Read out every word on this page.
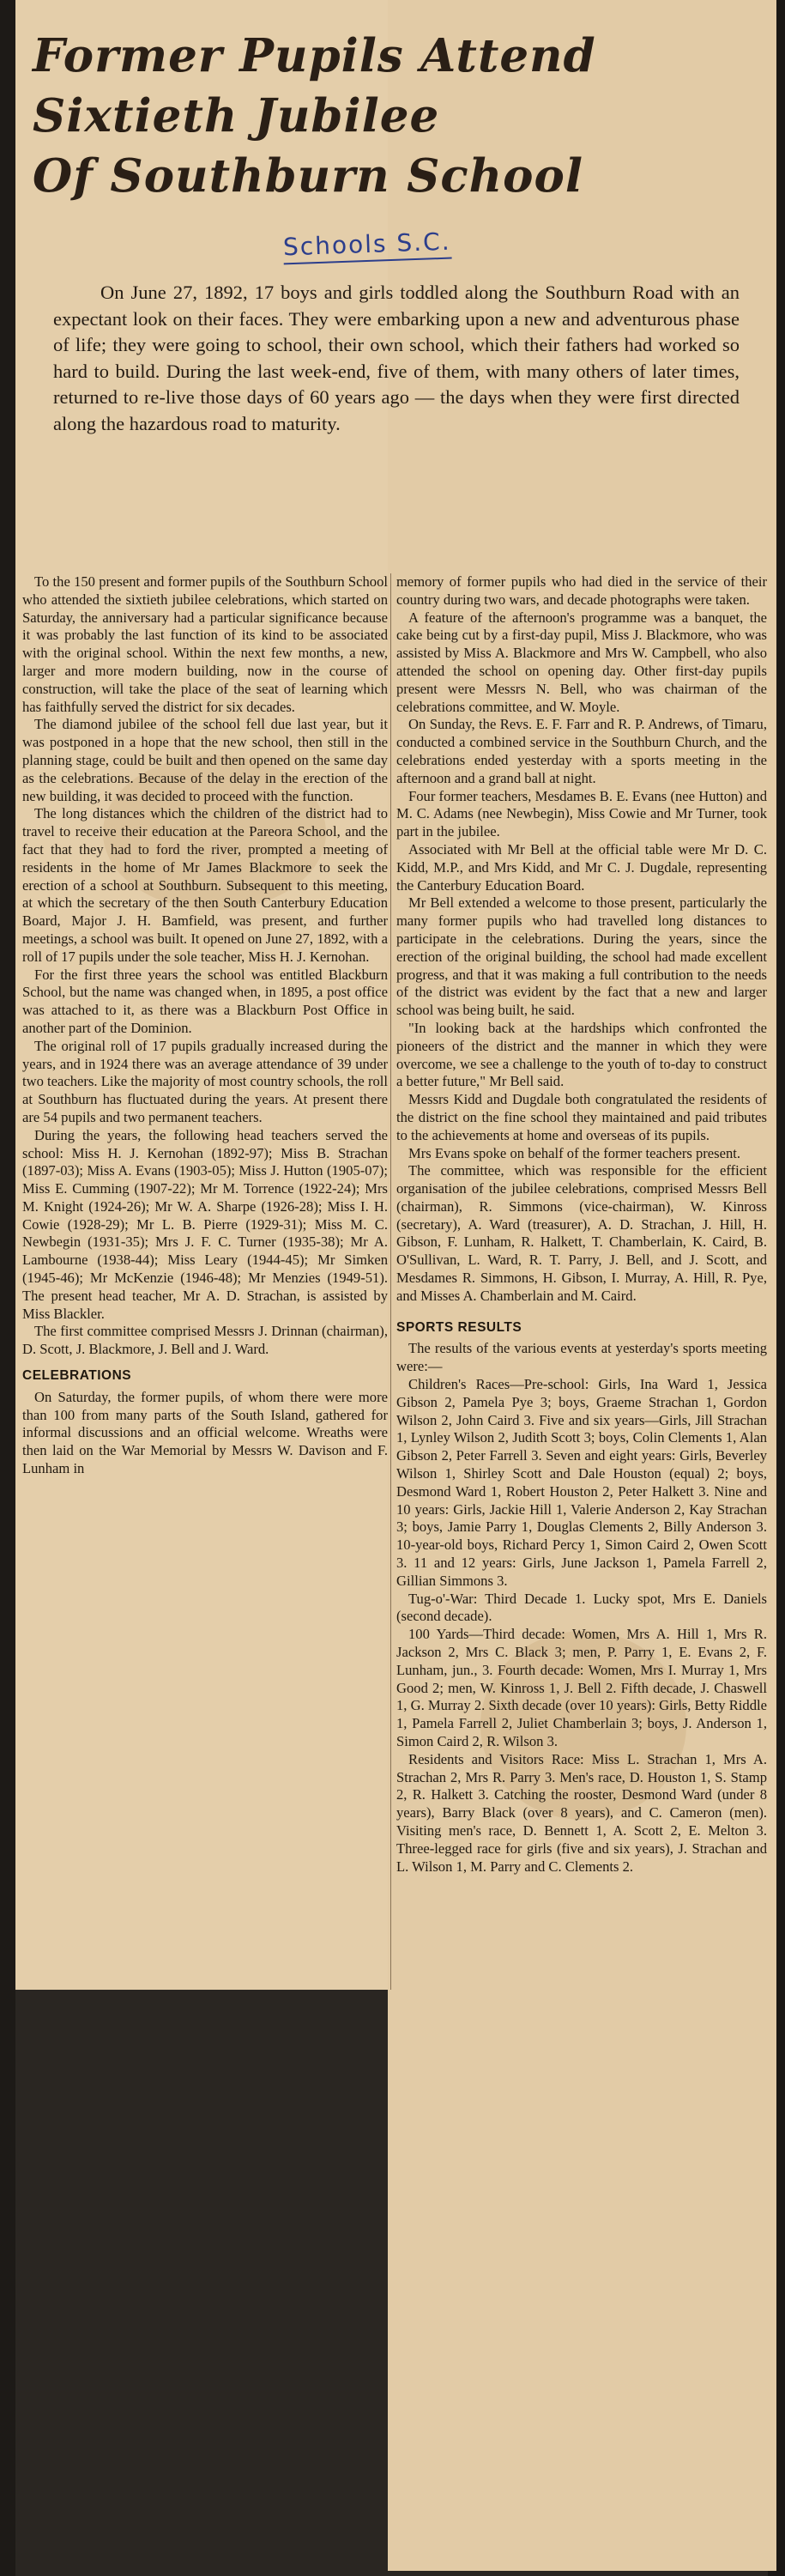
Former Pupils Attend
Sixtieth Jubilee
Of Southburn School
Schools S.C.
On June 27, 1892, 17 boys and girls toddled along the Southburn Road with an expectant look on their faces. They were embarking upon a new and adventurous phase of life; they were going to school, their own school, which their fathers had worked so hard to build. During the last week-end, five of them, with many others of later times, returned to re-live those days of 60 years ago — the days when they were first directed along the hazardous road to maturity.

To the 150 present and former pupils of the Southburn School who attended the sixtieth jubilee celebrations, which started on Saturday, the anniversary had a particular significance because it was probably the last function of its kind to be associated with the original school. Within the next few months, a new, larger and more modern building, now in the course of construction, will take the place of the seat of learning which has faithfully served the district for six decades.

The diamond jubilee of the school fell due last year, but it was postponed in a hope that the new school, then still in the planning stage, could be built and then opened on the same day as the celebrations. Because of the delay in the erection of the new building, it was decided to proceed with the function.

The long distances which the children of the district had to travel to receive their education at the Pareora School, and the fact that they had to ford the river, prompted a meeting of residents in the home of Mr James Blackmore to seek the erection of a school at Southburn. Subsequent to this meeting, at which the secretary of the then South Canterbury Education Board, Major J. H. Bamfield, was present, and further meetings, a school was built. It opened on June 27, 1892, with a roll of 17 pupils under the sole teacher, Miss H. J. Kernohan.

For the first three years the school was entitled Blackburn School, but the name was changed when, in 1895, a post office was attached to it, as there was a Blackburn Post Office in another part of the Dominion.

The original roll of 17 pupils gradually increased during the years, and in 1924 there was an average attendance of 39 under two teachers. Like the majority of most country schools, the roll at Southburn has fluctuated during the years. At present there are 54 pupils and two permanent teachers.

During the years, the following head teachers served the school: Miss H. J. Kernohan (1892-97); Miss B. Strachan (1897-03); Miss A. Evans (1903-05); Miss J. Hutton (1905-07); Miss E. Cumming (1907-22); Mr M. Torrence (1922-24); Mrs M. Knight (1924-26); Mr W. A. Sharpe (1926-28); Miss I. H. Cowie (1928-29); Mr L. B. Pierre (1929-31); Miss M. C. Newbegin (1931-35); Mrs J. F. C. Turner (1935-38); Mr A. Lambourne (1938-44); Miss Leary (1944-45); Mr Simken (1945-46); Mr McKenzie (1946-48); Mr Menzies (1949-51). The present head teacher, Mr A. D. Strachan, is assisted by Miss Blackler.

The first committee comprised Messrs J. Drinnan (chairman), D. Scott, J. Blackmore, J. Bell and J. Ward.

CELEBRATIONS

On Saturday, the former pupils, of whom there were more than 100 from many parts of the South Island, gathered for informal discussions and an official welcome. Wreaths were then laid on the War Memorial by Messrs W. Davison and F. Lunham in

memory of former pupils who had died in the service of their country during two wars, and decade photographs were taken.

A feature of the afternoon's programme was a banquet, the cake being cut by a first-day pupil, Miss J. Blackmore, who was assisted by Miss A. Blackmore and Mrs W. Campbell, who also attended the school on opening day. Other first-day pupils present were Messrs N. Bell, who was chairman of the celebrations committee, and W. Moyle.

On Sunday, the Revs. E. F. Farr and R. P. Andrews, of Timaru, conducted a combined service in the Southburn Church, and the celebrations ended yesterday with a sports meeting in the afternoon and a grand ball at night.

Four former teachers, Mesdames B. E. Evans (nee Hutton) and M. C. Adams (nee Newbegin), Miss Cowie and Mr Turner, took part in the jubilee.

Associated with Mr Bell at the official table were Mr D. C. Kidd, M.P., and Mrs Kidd, and Mr C. J. Dugdale, representing the Canterbury Education Board.

Mr Bell extended a welcome to those present, particularly the many former pupils who had travelled long distances to participate in the celebrations. During the years, since the erection of the original building, the school had made excellent progress, and that it was making a full contribution to the needs of the district was evident by the fact that a new and larger school was being built, he said.

"In looking back at the hardships which confronted the pioneers of the district and the manner in which they were overcome, we see a challenge to the youth of to-day to construct a better future," Mr Bell said.

Messrs Kidd and Dugdale both congratulated the residents of the district on the fine school they maintained and paid tributes to the achievements at home and overseas of its pupils.

Mrs Evans spoke on behalf of the former teachers present.

The committee, which was responsible for the efficient organisation of the jubilee celebrations, comprised Messrs Bell (chairman), R. Simmons (vice-chairman), W. Kinross (secretary), A. Ward (treasurer), A. D. Strachan, J. Hill, H. Gibson, F. Lunham, R. Halkett, T. Chamberlain, K. Caird, B. O'Sullivan, L. Ward, R. T. Parry, J. Bell, and J. Scott, and Mesdames R. Simmons, H. Gibson, I. Murray, A. Hill, R. Pye, and Misses A. Chamberlain and M. Caird.

SPORTS RESULTS

The results of the various events at yesterday's sports meeting were:—

Children's Races—Pre-school: Girls, Ina Ward 1, Jessica Gibson 2, Pamela Pye 3; boys, Graeme Strachan 1, Gordon Wilson 2, John Caird 3. Five and six years—Girls, Jill Strachan 1, Lynley Wilson 2, Judith Scott 3; boys, Colin Clements 1, Alan Gibson 2, Peter Farrell 3. Seven and eight years: Girls, Beverley Wilson 1, Shirley Scott and Dale Houston (equal) 2; boys, Desmond Ward 1, Robert Houston 2, Peter Halkett 3. Nine and 10 years: Girls, Jackie Hill 1, Valerie Anderson 2, Kay Strachan 3; boys, Jamie Parry 1, Douglas Clements 2, Billy Anderson 3. 10-year-old boys, Richard Percy 1, Simon Caird 2, Owen Scott 3. 11 and 12 years: Girls, June Jackson 1, Pamela Farrell 2, Gillian Simmons 3.

Tug-o'-War: Third Decade 1. Lucky spot, Mrs E. Daniels (second decade).

100 Yards—Third decade: Women, Mrs A. Hill 1, Mrs R. Jackson 2, Mrs C. Black 3; men, P. Parry 1, E. Evans 2, F. Lunham, jun., 3. Fourth decade: Women, Mrs I. Murray 1, Mrs Good 2; men, W. Kinross 1, J. Bell 2. Fifth decade, J. Chaswell 1, G. Murray 2. Sixth decade (over 10 years): Girls, Betty Riddle 1, Pamela Farrell 2, Juliet Chamberlain 3; boys, J. Anderson 1, Simon Caird 2, R. Wilson 3.

Residents and Visitors Race: Miss L. Strachan 1, Mrs A. Strachan 2, Mrs R. Parry 3. Men's race, D. Houston 1, S. Stamp 2, R. Halkett 3. Catching the rooster, Desmond Ward (under 8 years), Barry Black (over 8 years), and C. Cameron (men). Visiting men's race, D. Bennett 1, A. Scott 2, E. Melton 3. Three-legged race for girls (five and six years), J. Strachan and L. Wilson 1, M. Parry and C. Clements 2.
